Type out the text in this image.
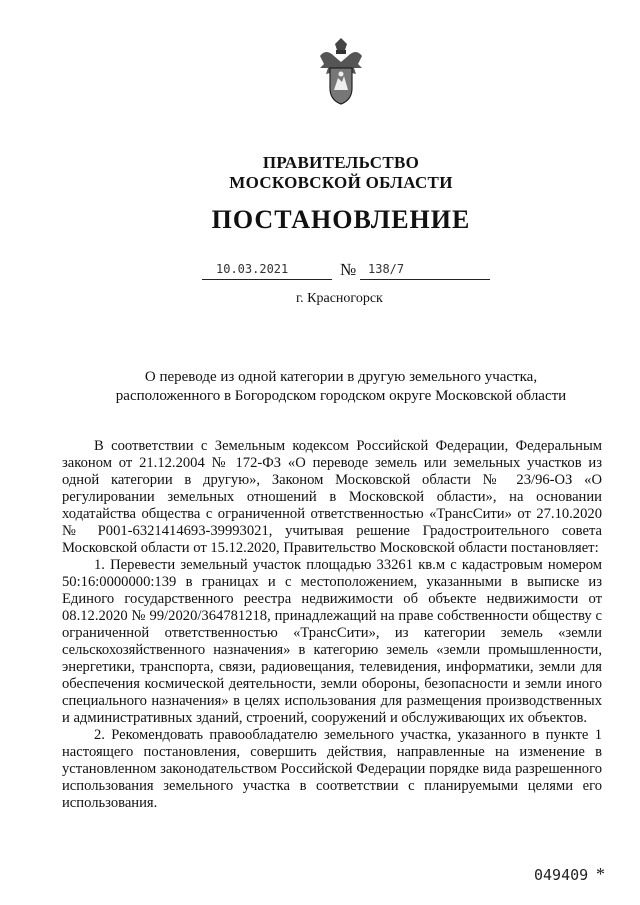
ПРАВИТЕЛЬСТВО
МОСКОВСКОЙ ОБЛАСТИ
ПОСТАНОВЛЕНИЕ
10.03.2021	№ 138/7
г. Красногорск
О переводе из одной категории в другую земельного участка,
расположенного в Богородском городском округе Московской области

В соответствии с Земельным кодексом Российской Федерации, Федеральным законом от 21.12.2004 № 172-ФЗ «О переводе земель или земельных участков из одной категории в другую», Законом Московской области № 23/96-ОЗ «О регулировании земельных отношений в Московской области», на основании ходатайства общества с ограниченной ответственностью «ТрансСити» от 27.10.2020 № Р001-6321414693-39993021, учитывая решение Градостроительного совета Московской области от 15.12.2020, Правительство Московской области постановляет:

1. Перевести земельный участок площадью 33261 кв.м с кадастровым номером 50:16:0000000:139 в границах и с местоположением, указанными в выписке из Единого государственного реестра недвижимости об объекте недвижимости от 08.12.2020 № 99/2020/364781218, принадлежащий на праве собственности обществу с ограниченной ответственностью «ТрансСити», из категории земель «земли сельскохозяйственного назначения» в категорию земель «земли промышленности, энергетики, транспорта, связи, радиовещания, телевидения, информатики, земли для обеспечения космической деятельности, земли обороны, безопасности и земли иного специального назначения» в целях использования для размещения производственных и административных зданий, строений, сооружений и обслуживающих их объектов.

2. Рекомендовать правообладателю земельного участка, указанного в пункте 1 настоящего постановления, совершить действия, направленные на изменение в установленном законодательством Российской Федерации порядке вида разрешенного использования земельного участка в соответствии с планируемыми целями его использования.

049409 *
